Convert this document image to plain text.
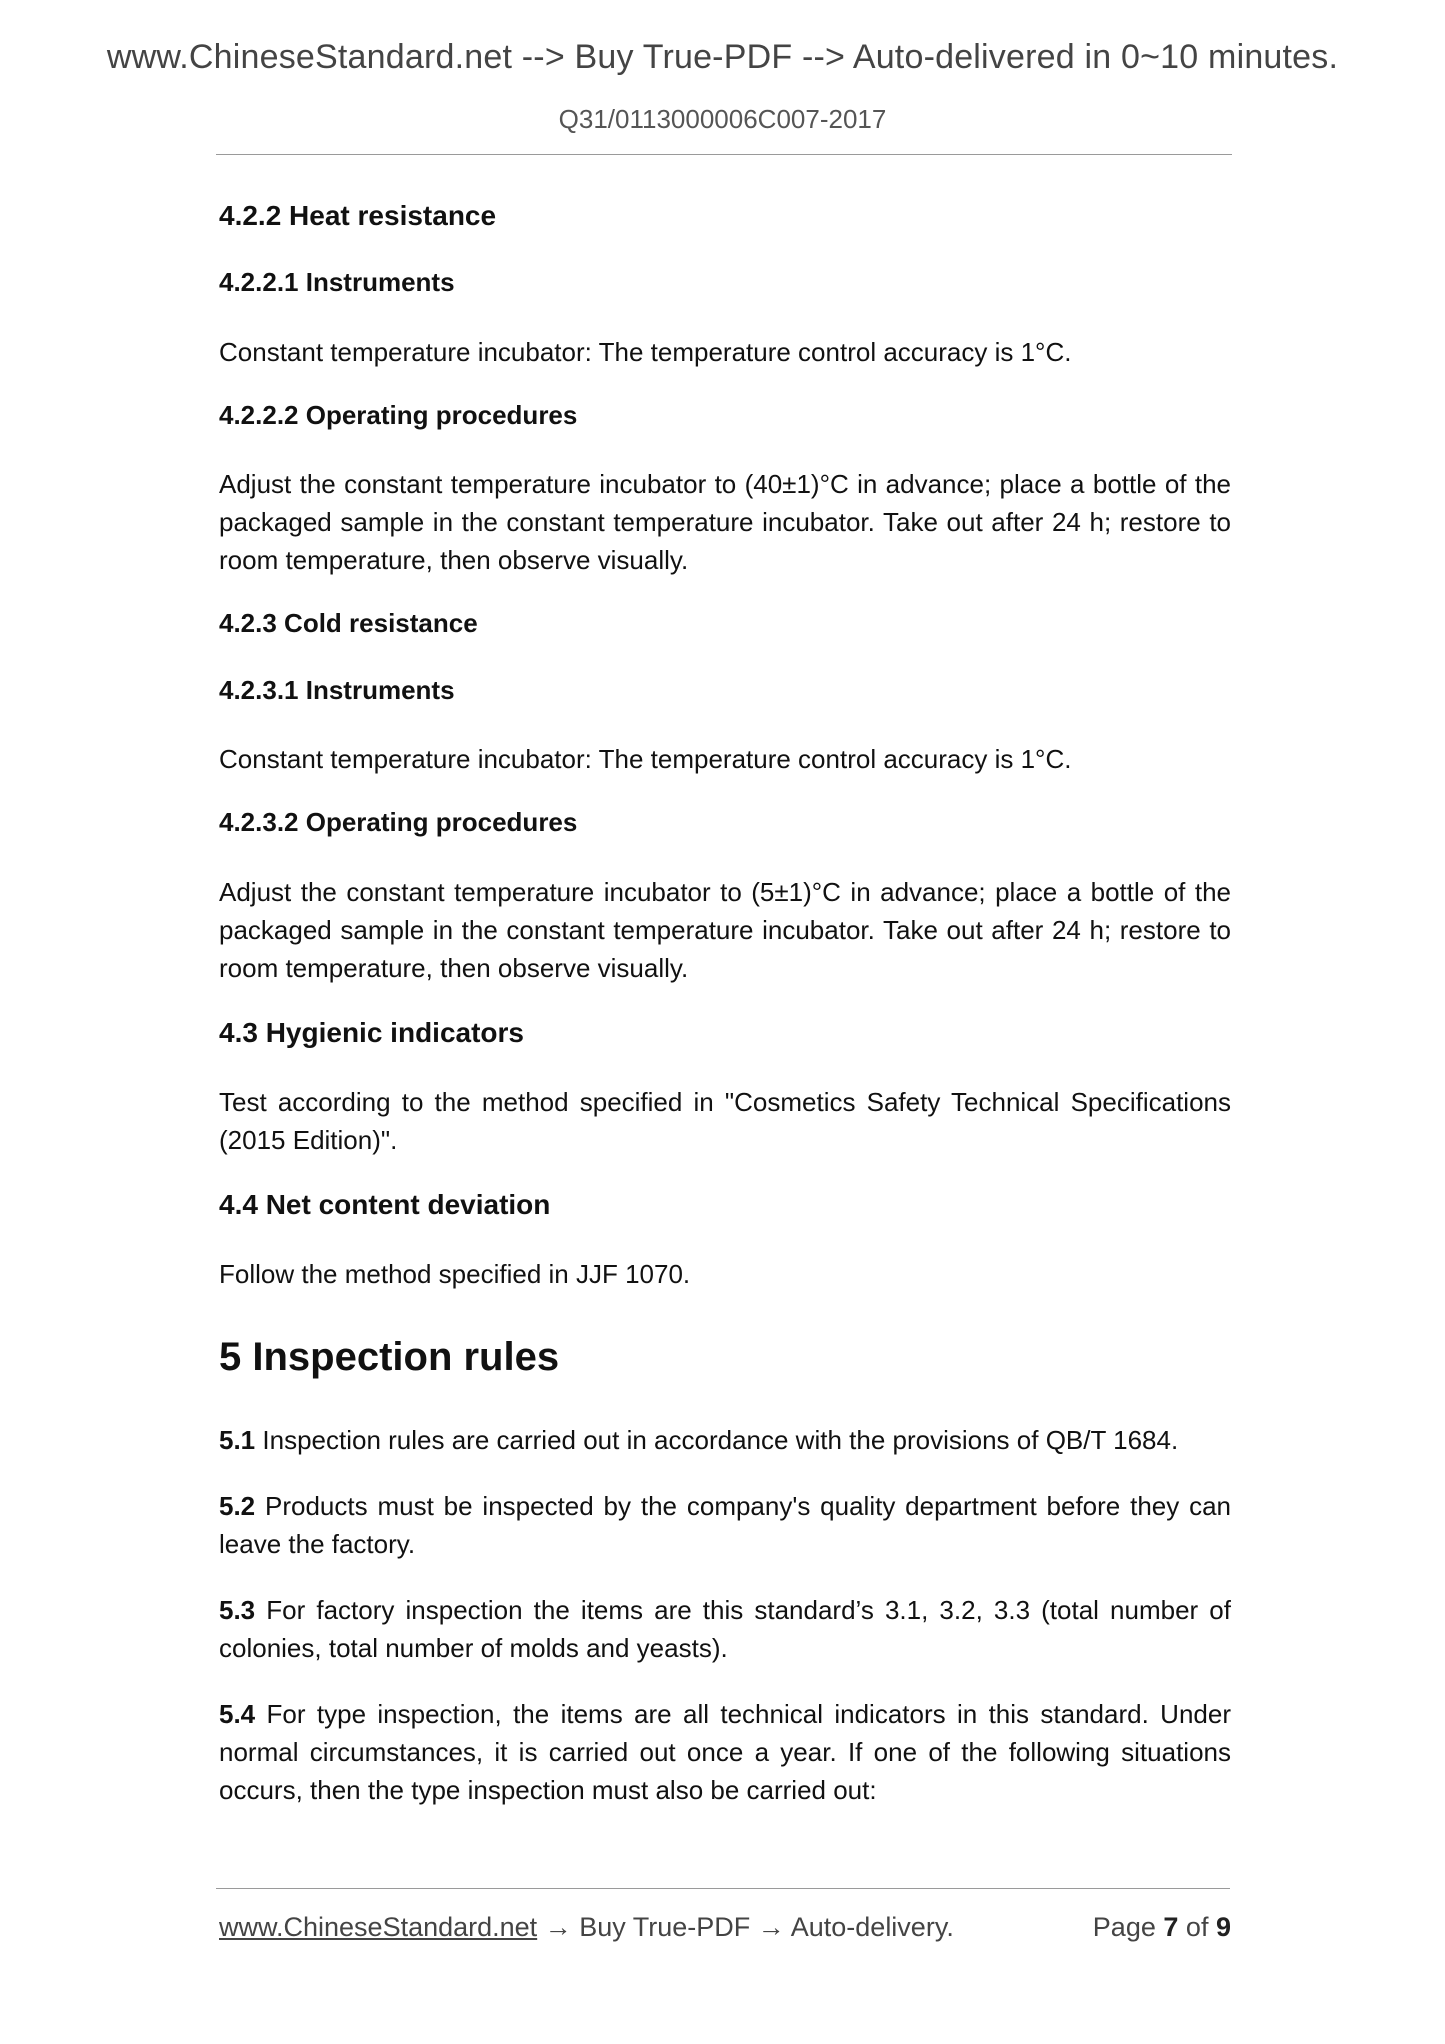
www.ChineseStandard.net --> Buy True-PDF --> Auto-delivered in 0~10 minutes.
Q31/0113000006C007-2017
4.2.2 Heat resistance
4.2.2.1 Instruments

Constant temperature incubator: The temperature control accuracy is 1°C.

4.2.2.2 Operating procedures

Adjust the constant temperature incubator to (40±1)°C in advance; place a bottle of the packaged sample in the constant temperature incubator. Take out after 24 h; restore to room temperature, then observe visually.

4.2.3 Cold resistance
4.2.3.1 Instruments

Constant temperature incubator: The temperature control accuracy is 1°C.

4.2.3.2 Operating procedures

Adjust the constant temperature incubator to (5±1)°C in advance; place a bottle of the packaged sample in the constant temperature incubator. Take out after 24 h; restore to room temperature, then observe visually.

4.3 Hygienic indicators

Test according to the method specified in "Cosmetics Safety Technical Specifications (2015 Edition)".

4.4 Net content deviation

Follow the method specified in JJF 1070.

5 Inspection rules

5.1 Inspection rules are carried out in accordance with the provisions of QB/T 1684.

5.2 Products must be inspected by the company's quality department before they can leave the factory.

5.3 For factory inspection the items are this standard’s 3.1, 3.2, 3.3 (total number of colonies, total number of molds and yeasts).

5.4 For type inspection, the items are all technical indicators in this standard. Under normal circumstances, it is carried out once a year. If one of the following situations occurs, then the type inspection must also be carried out:

www.ChineseStandard.net → Buy True-PDF → Auto-delivery.	Page 7 of 9
